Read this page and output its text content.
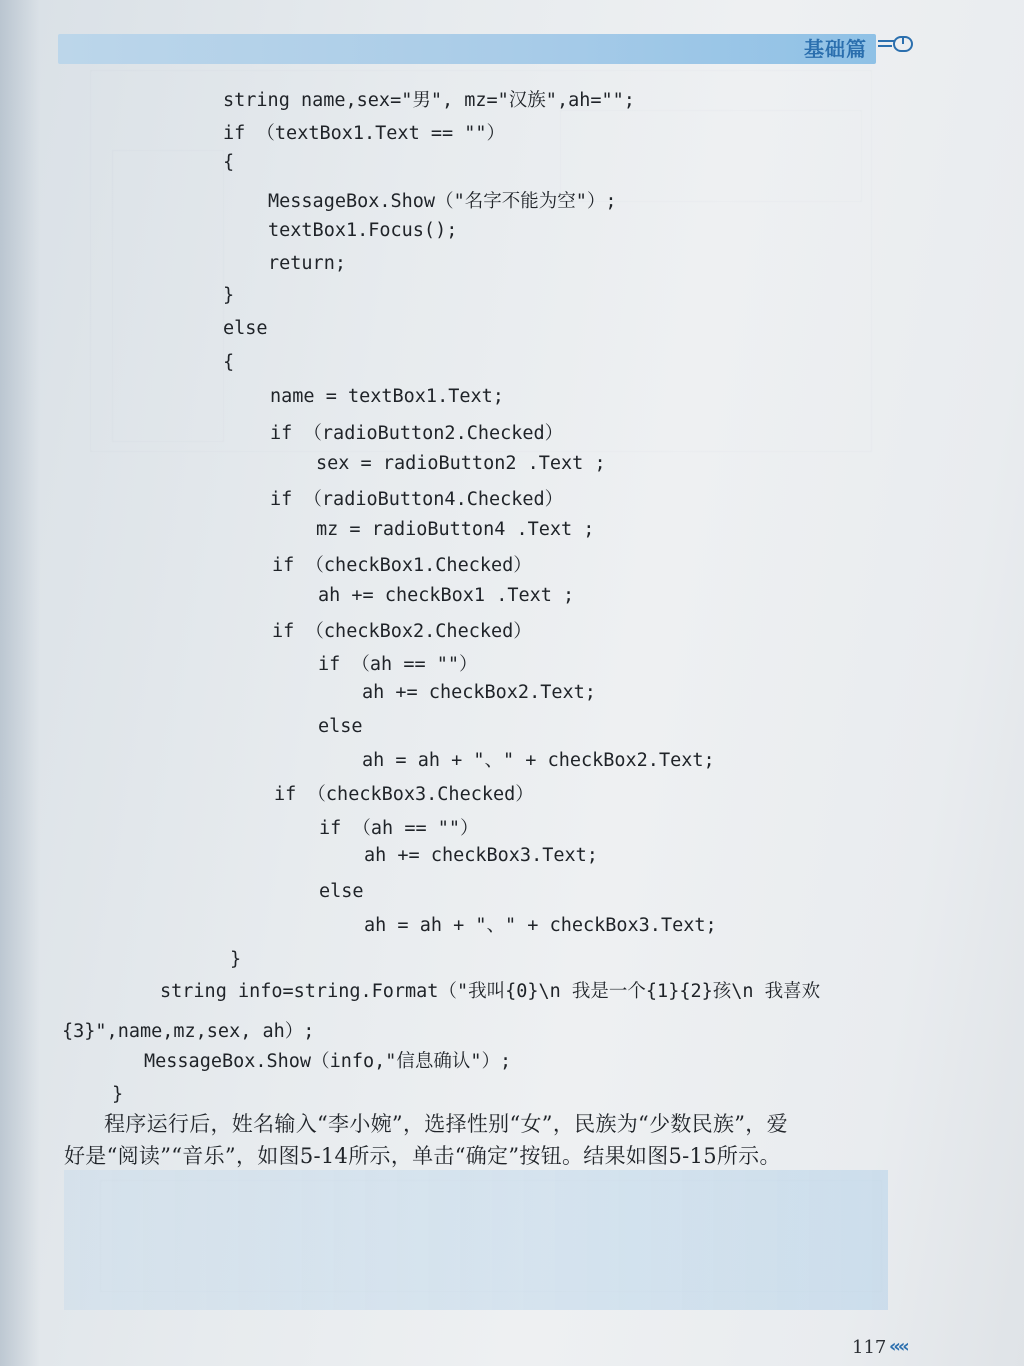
基础篇
string name,sex="男", mz="汉族",ah="";
if （textBox1.Text == ""）
{
MessageBox.Show（"名字不能为空"）;
textBox1.Focus();
return;
}
else
{
name = textBox1.Text;
if （radioButton2.Checked）
sex = radioButton2 .Text ;
if （radioButton4.Checked）
mz = radioButton4 .Text ;
if （checkBox1.Checked）
ah += checkBox1 .Text ;
if （checkBox2.Checked）
if （ah == ""）
ah += checkBox2.Text;
else
ah = ah + "、" + checkBox2.Text;
if （checkBox3.Checked）
if （ah == ""）
ah += checkBox3.Text;
else
ah = ah + "、" + checkBox3.Text;
}
string info=string.Format（"我叫{0}\n 我是一个{1}{2}孩\n 我喜欢
{3}",name,mz,sex, ah）;
MessageBox.Show（info,"信息确认"）;
}
程序运行后，姓名输入“李小婉”，选择性别“女”，民族为“少数民族”，爱
好是“阅读”“音乐”，如图5-14所示，单击“确定”按钮。结果如图5-15所示。
117 ‹‹‹‹
